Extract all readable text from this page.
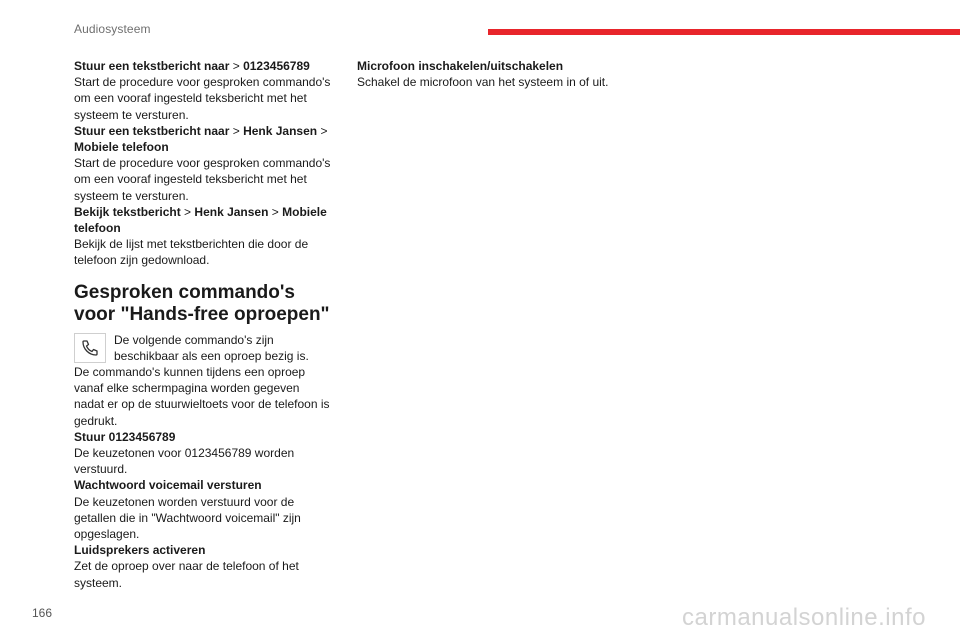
Audiosysteem

Stuur een tekstbericht naar > 0123456789
Start de procedure voor gesproken commando's
om een vooraf ingesteld teksbericht met het
systeem te versturen.

Stuur een tekstbericht naar > Henk Jansen >
Mobiele telefoon
Start de procedure voor gesproken commando's
om een vooraf ingesteld teksbericht met het
systeem te versturen.

Bekijk tekstbericht > Henk Jansen > Mobiele
telefoon
Bekijk de lijst met tekstberichten die door de
telefoon zijn gedownload.

Gesproken commando's
voor "Hands-free oproepen"
De volgende commando's zijn
beschikbaar als een oproep bezig is.

De commando's kunnen tijdens een oproep
vanaf elke schermpagina worden gegeven
nadat er op de stuurwieltoets voor de telefoon is
gedrukt.

Stuur 0123456789
De keuzetonen voor 0123456789 worden
verstuurd.

Wachtwoord voicemail versturen
De keuzetonen worden verstuurd voor de
getallen die in "Wachtwoord voicemail" zijn
opgeslagen.

Luidsprekers activeren
Zet de oproep over naar de telefoon of het
systeem.

Microfoon inschakelen/uitschakelen
Schakel de microfoon van het systeem in of uit.

166	carmanualsonline.info
